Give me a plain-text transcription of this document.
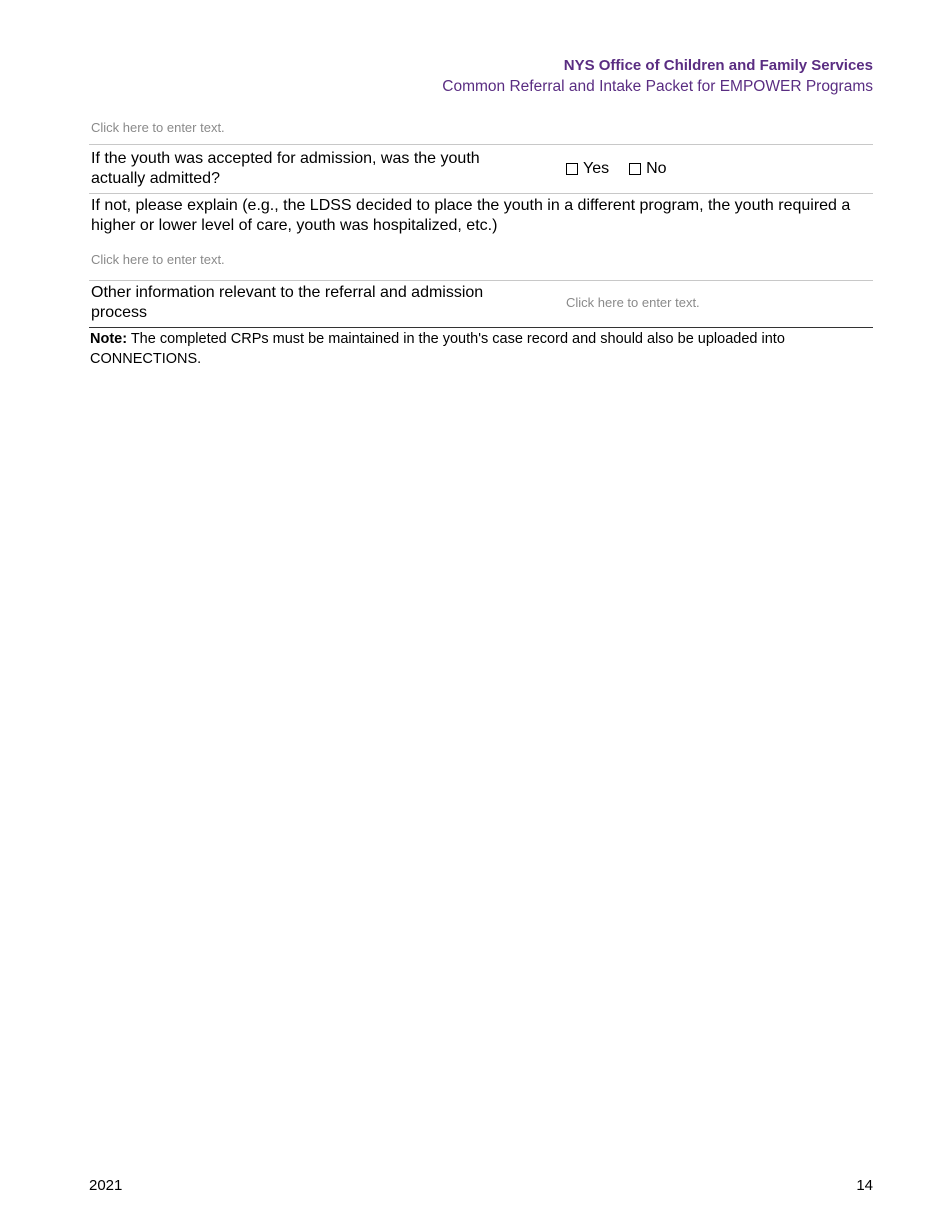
NYS Office of Children and Family Services
Common Referral and Intake Packet for EMPOWER Programs
Click here to enter text.
If the youth was accepted for admission, was the youth actually admitted?
Yes No
If not, please explain (e.g., the LDSS decided to place the youth in a different program, the youth required a higher or lower level of care, youth was hospitalized, etc.)
Click here to enter text.
Other information relevant to the referral and admission process
Click here to enter text.
Note: The completed CRPs must be maintained in the youth's case record and should also be uploaded into CONNECTIONS.
2021	14
